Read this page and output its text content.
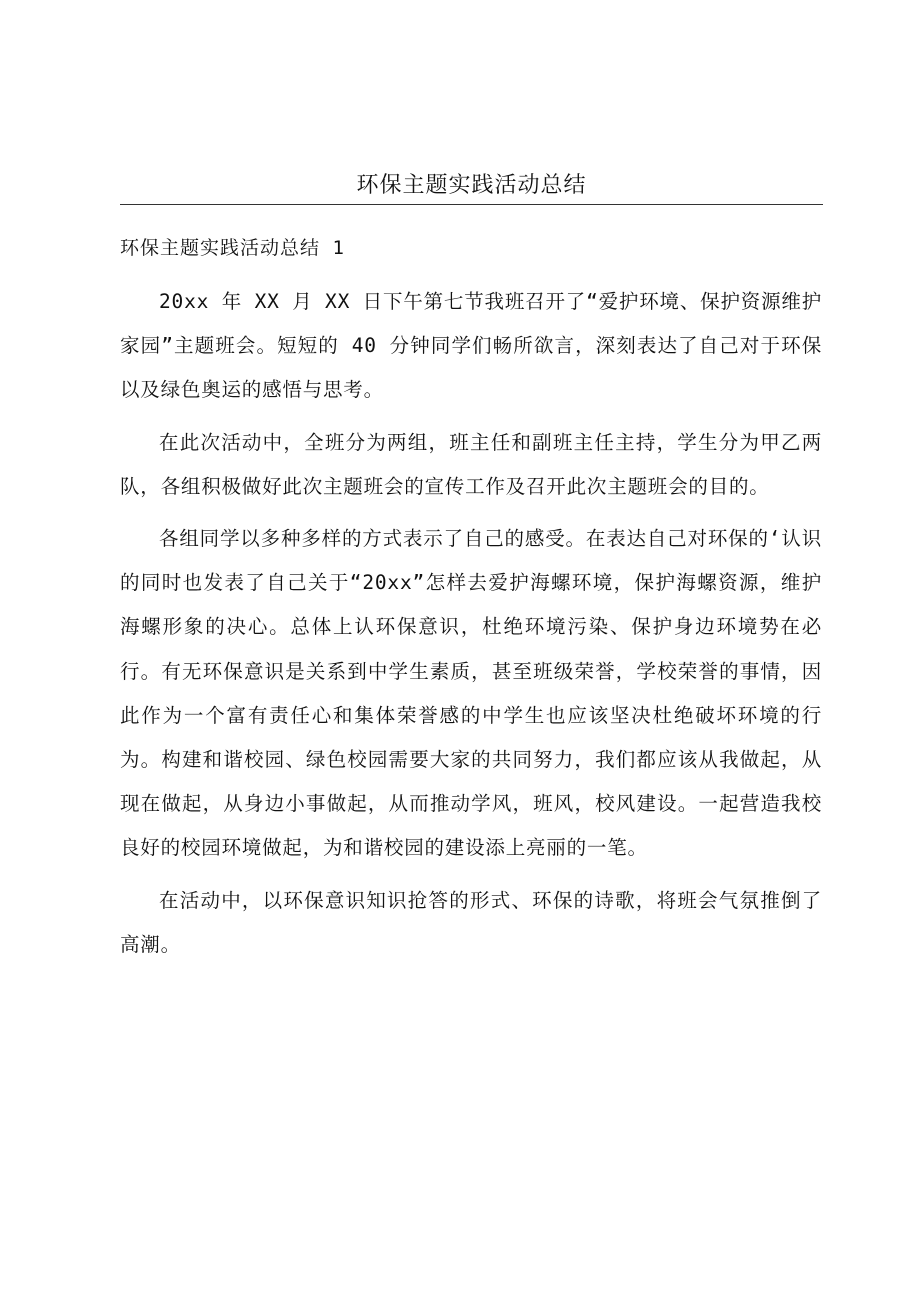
环保主题实践活动总结
环保主题实践活动总结 1

20xx 年 XX 月 XX 日下午第七节我班召开了“爱护环境、保护资源维护家园”主题班会。短短的 40 分钟同学们畅所欲言，深刻表达了自己对于环保以及绿色奥运的感悟与思考。

在此次活动中，全班分为两组，班主任和副班主任主持，学生分为甲乙两队，各组积极做好此次主题班会的宣传工作及召开此次主题班会的目的。

各组同学以多种多样的方式表示了自己的感受。在表达自己对环保的‘认识的同时也发表了自己关于“20xx”怎样去爱护海螺环境，保护海螺资源，维护海螺形象的决心。总体上认环保意识，杜绝环境污染、保护身边环境势在必行。有无环保意识是关系到中学生素质，甚至班级荣誉，学校荣誉的事情，因此作为一个富有责任心和集体荣誉感的中学生也应该坚决杜绝破坏环境的行为。构建和谐校园、绿色校园需要大家的共同努力，我们都应该从我做起，从现在做起，从身边小事做起，从而推动学风，班风，校风建设。一起营造我校良好的校园环境做起，为和谐校园的建设添上亮丽的一笔。

在活动中，以环保意识知识抢答的形式、环保的诗歌，将班会气氛推倒了高潮。
